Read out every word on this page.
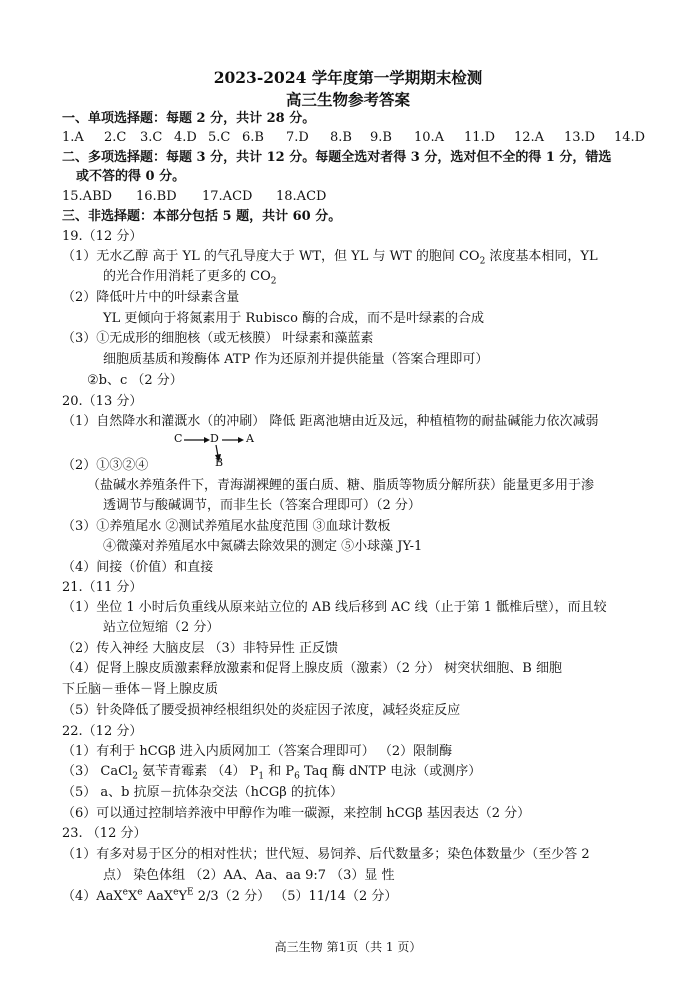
2023-2024 学年度第一学期期末检测
高三生物参考答案
一、单项选择题：每题 2 分，共计 28 分。
1.A 2.C 3.C 4.D 5.C 6.B 7.D 8.B 9.B 10.A 11.D 12.A 13.D 14.D
二、多项选择题：每题 3 分，共计 12 分。每题全选对者得 3 分，选对但不全的得 1 分，错选
或不答的得 0 分。
15.ABD 16.BD 17.ACD 18.ACD
三、非选择题：本部分包括 5 题，共计 60 分。
19.（12 分）
（1）无水乙醇 高于 YL 的气孔导度大于 WT，但 YL 与 WT 的胞间 $CO_2$ 浓度基本相同，YL
的光合作用消耗了更多的 $CO_2$
（2）降低叶片中的叶绿素含量
YL 更倾向于将氮素用于 Rubisco 酶的合成，而不是叶绿素的合成
（3）①无成形的细胞核（或无核膜） 叶绿素和藻蓝素
细胞质基质和羧酶体 ATP 作为还原剂并提供能量（答案合理即可）
②b、c （2 分）
20.（13 分）
（1）自然降水和灌溉水（的冲刷） 降低 距离池塘由近及远，种植植物的耐盐碱能力依次减弱
C	D A
B
（2）①③②④
（盐碱水养殖条件下，青海湖裸鲤的蛋白质、糖、脂质等物质分解所获）能量更多用于渗
透调节与酸碱调节，而非生长（答案合理即可）（2 分）
（3）①养殖尾水 ②测试养殖尾水盐度范围 ③血球计数板
④微藻对养殖尾水中氮磷去除效果的测定 ⑤小球藻 JY-1
（4）间接（价值）和直接
21.（11 分）
（1）坐位 1 小时后负重线从原来站立位的 AB 线后移到 AC 线（止于第 1 骶椎后壁），而且较
站立位短缩（2 分）
（2）传入神经 大脑皮层 （3）非特异性 正反馈
（4）促肾上腺皮质激素释放激素和促肾上腺皮质（激素）（2 分） 树突状细胞、B 细胞
下丘脑－垂体－肾上腺皮质
（5）针灸降低了腰受损神经根组织处的炎症因子浓度，减轻炎症反应
22.（12 分）
（1）有利于 hCGβ 进入内质网加工（答案合理即可） （2）限制酶
（3） CaCl$_2$ 氨苄青霉素 （4） $P_1$ 和 $P_6$ Taq 酶 dNTP 电泳（或测序）
（5） a、b 抗原－抗体杂交法（hCGβ 的抗体）
（6）可以通过控制培养液中甲醇作为唯一碳源，来控制 hCGβ 基因表达（2 分）
23. （12 分）
（1）有多对易于区分的相对性状；世代短、易饲养、后代数量多；染色体数量少（至少答 2
点） 染色体组 （2）AA、Aa、aa 9:7 （3）显 性
（4）AaX$^e$Xe $AaX^eY^E$ 2/3（2 分） （5）11/14（2 分）
高三生物 第1页（共 1 页）
